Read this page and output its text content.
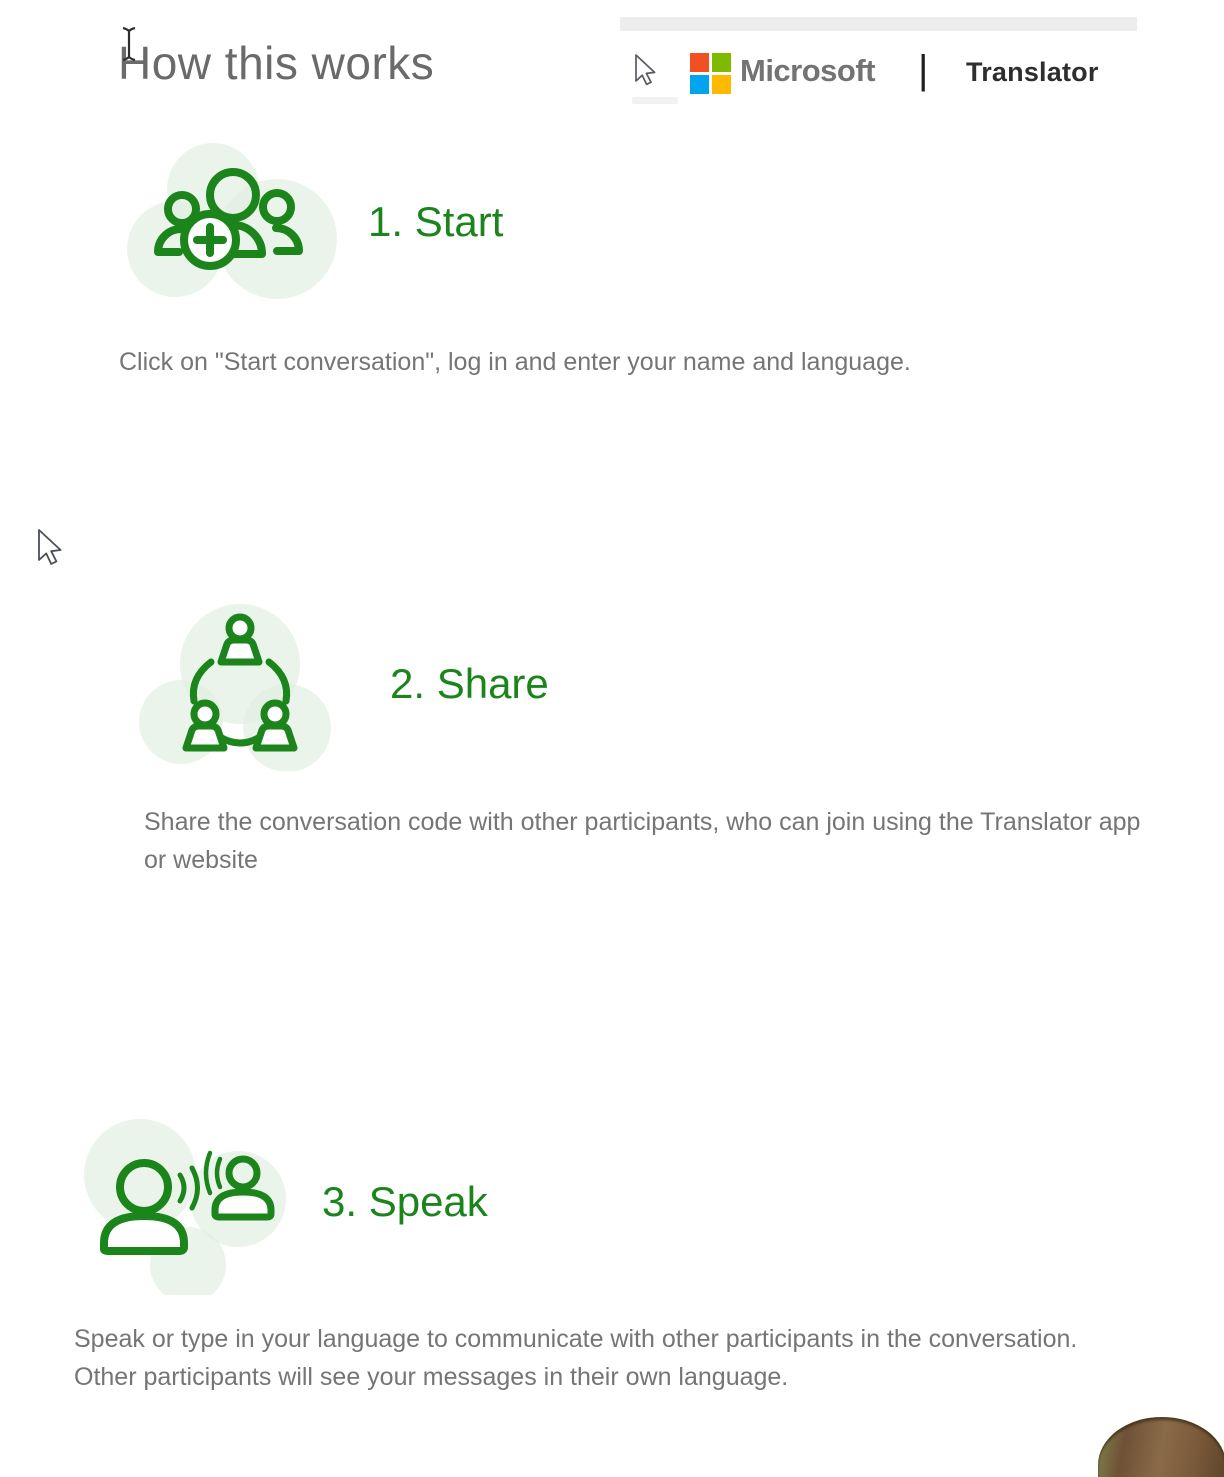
How this works	Microsoft | Translator
1. Start

Click on "Start conversation", log in and enter your name and language.

2. Share

Share the conversation code with other participants, who can join using the Translator app or website

3. Speak

Speak or type in your language to communicate with other participants in the conversation. Other participants will see your messages in their own language.
